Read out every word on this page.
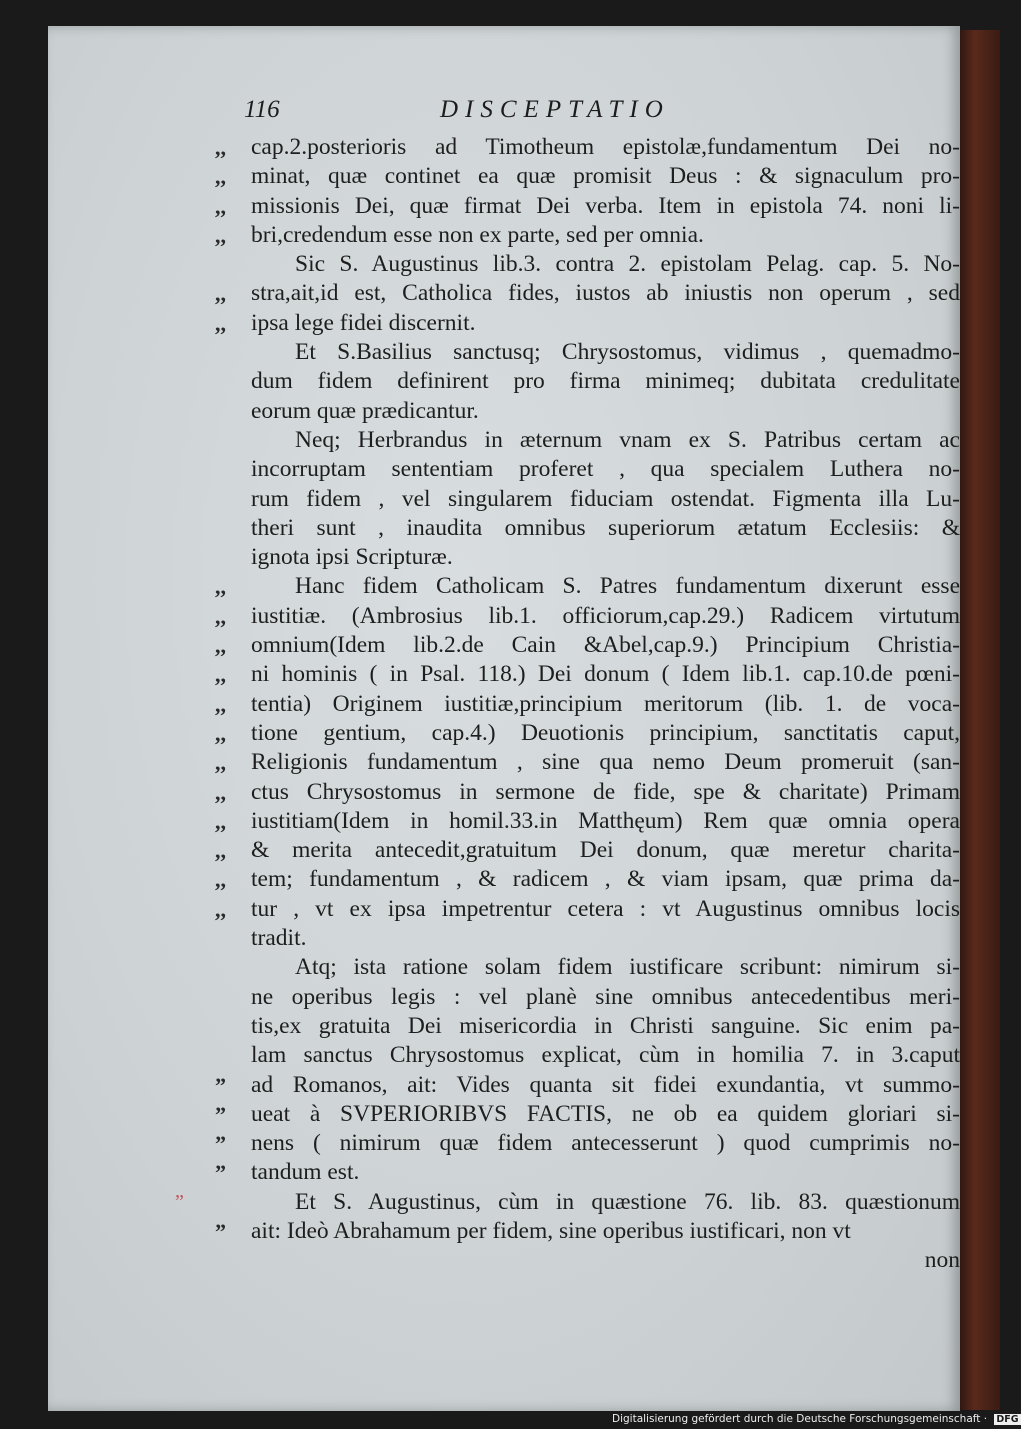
116	DISCEPTATIO
,,	cap.2.posterioris ad Timotheum epistolæ,fundamentum Dei no-
,,	minat, quæ continet ea quæ promisit Deus : & signaculum pro-
,,	missionis Dei, quæ firmat Dei verba. Item in epistola 74. noni li-
,,	bri,credendum esse non ex parte, sed per omnia.
Sic S. Augustinus lib.3. contra 2. epistolam Pelag. cap. 5. No-
,,	stra,ait,id est, Catholica fides, iustos ab iniustis non operum , sed
,,	ipsa lege fidei discernit.
Et S.Basilius sanctusq; Chrysostomus, vidimus , quemadmo-
dum fidem definirent pro firma minimeq; dubitata credulitate
eorum quæ prædicantur.
Neq; Herbrandus in æternum vnam ex S. Patribus certam ac
incorruptam sententiam proferet , qua specialem Luthera no-
rum fidem , vel singularem fiduciam ostendat. Figmenta illa Lu-
theri sunt , inaudita omnibus superiorum ætatum Ecclesiis: &
ignota ipsi Scripturæ.
,,	Hanc fidem Catholicam S. Patres fundamentum dixerunt esse
,,	iustitiæ. (Ambrosius lib.1. officiorum,cap.29.) Radicem virtutum
,,	omnium(Idem lib.2.de Cain &Abel,cap.9.) Principium Christia-
,,	ni hominis ( in Psal. 118.) Dei donum ( Idem lib.1. cap.10.de pœni-
,,	tentia) Originem iustitiæ,principium meritorum (lib. 1. de voca-
,,	tione gentium, cap.4.) Deuotionis principium, sanctitatis caput,
,,	Religionis fundamentum , sine qua nemo Deum promeruit (san-
,,	ctus Chrysostomus in sermone de fide, spe & charitate) Primam
,,	iustitiam(Idem in homil.33.in Matthęum) Rem quæ omnia opera
,,	& merita antecedit,gratuitum Dei donum, quæ meretur charita-
,,	tem; fundamentum , & radicem , & viam ipsam, quæ prima da-
,,	tur , vt ex ipsa impetrentur cetera : vt Augustinus omnibus locis
tradit.
Atq; ista ratione solam fidem iustificare scribunt: nimirum si-
ne operibus legis : vel planè sine omnibus antecedentibus meri-
tis,ex gratuita Dei misericordia in Christi sanguine. Sic enim pa-
lam sanctus Chrysostomus explicat, cùm in homilia 7. in 3.caput
”	ad Romanos, ait: Vides quanta sit fidei exundantia, vt summo-
”	ueat à SVPERIORIBVS FACTIS, ne ob ea quidem gloriari si-
”	nens ( nimirum quæ fidem antecesserunt ) quod cumprimis no-
”	tandum est.
Et S. Augustinus, cùm in quæstione 76. lib. 83. quæstionum
”	ait: Ideò Abrahamum per fidem, sine operibus iustificari, non vt
non
”
Digitalisierung gefördert durch die Deutsche Forschungsgemeinschaft · DFG
